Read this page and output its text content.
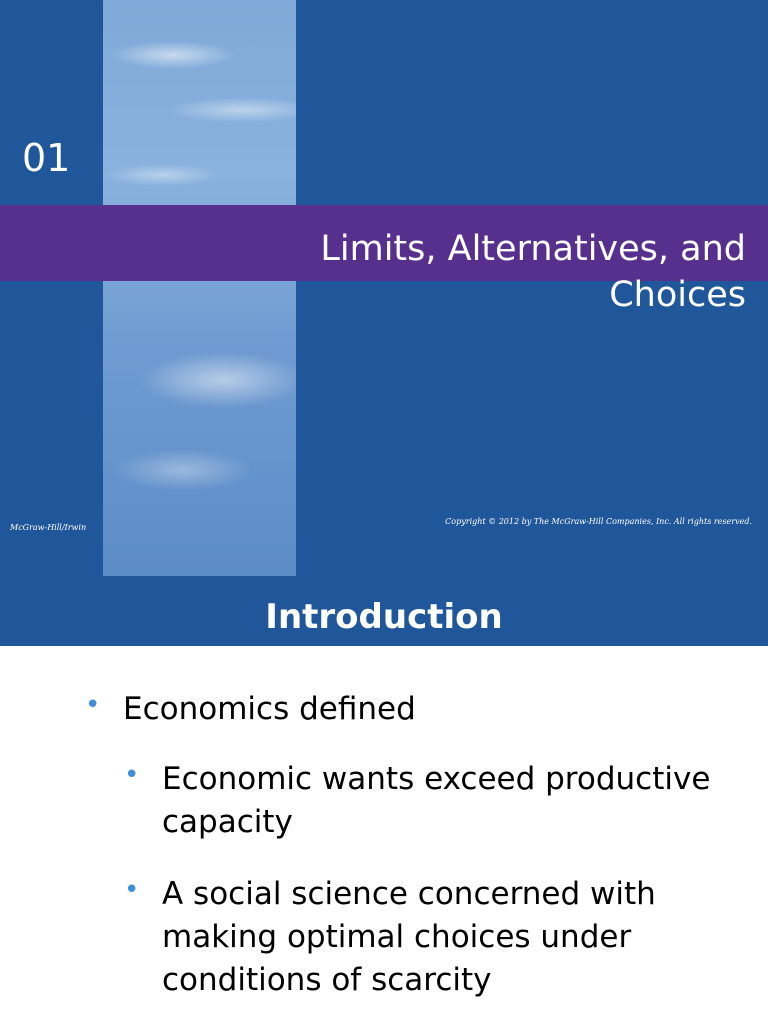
01
Limits, Alternatives, and Choices
McGraw-Hill/Irwin
Copyright © 2012 by The McGraw-Hill Companies, Inc. All rights reserved.
Introduction
• Economics defined
• Economic wants exceed productive capacity
• A social science concerned with making optimal choices under conditions of scarcity
